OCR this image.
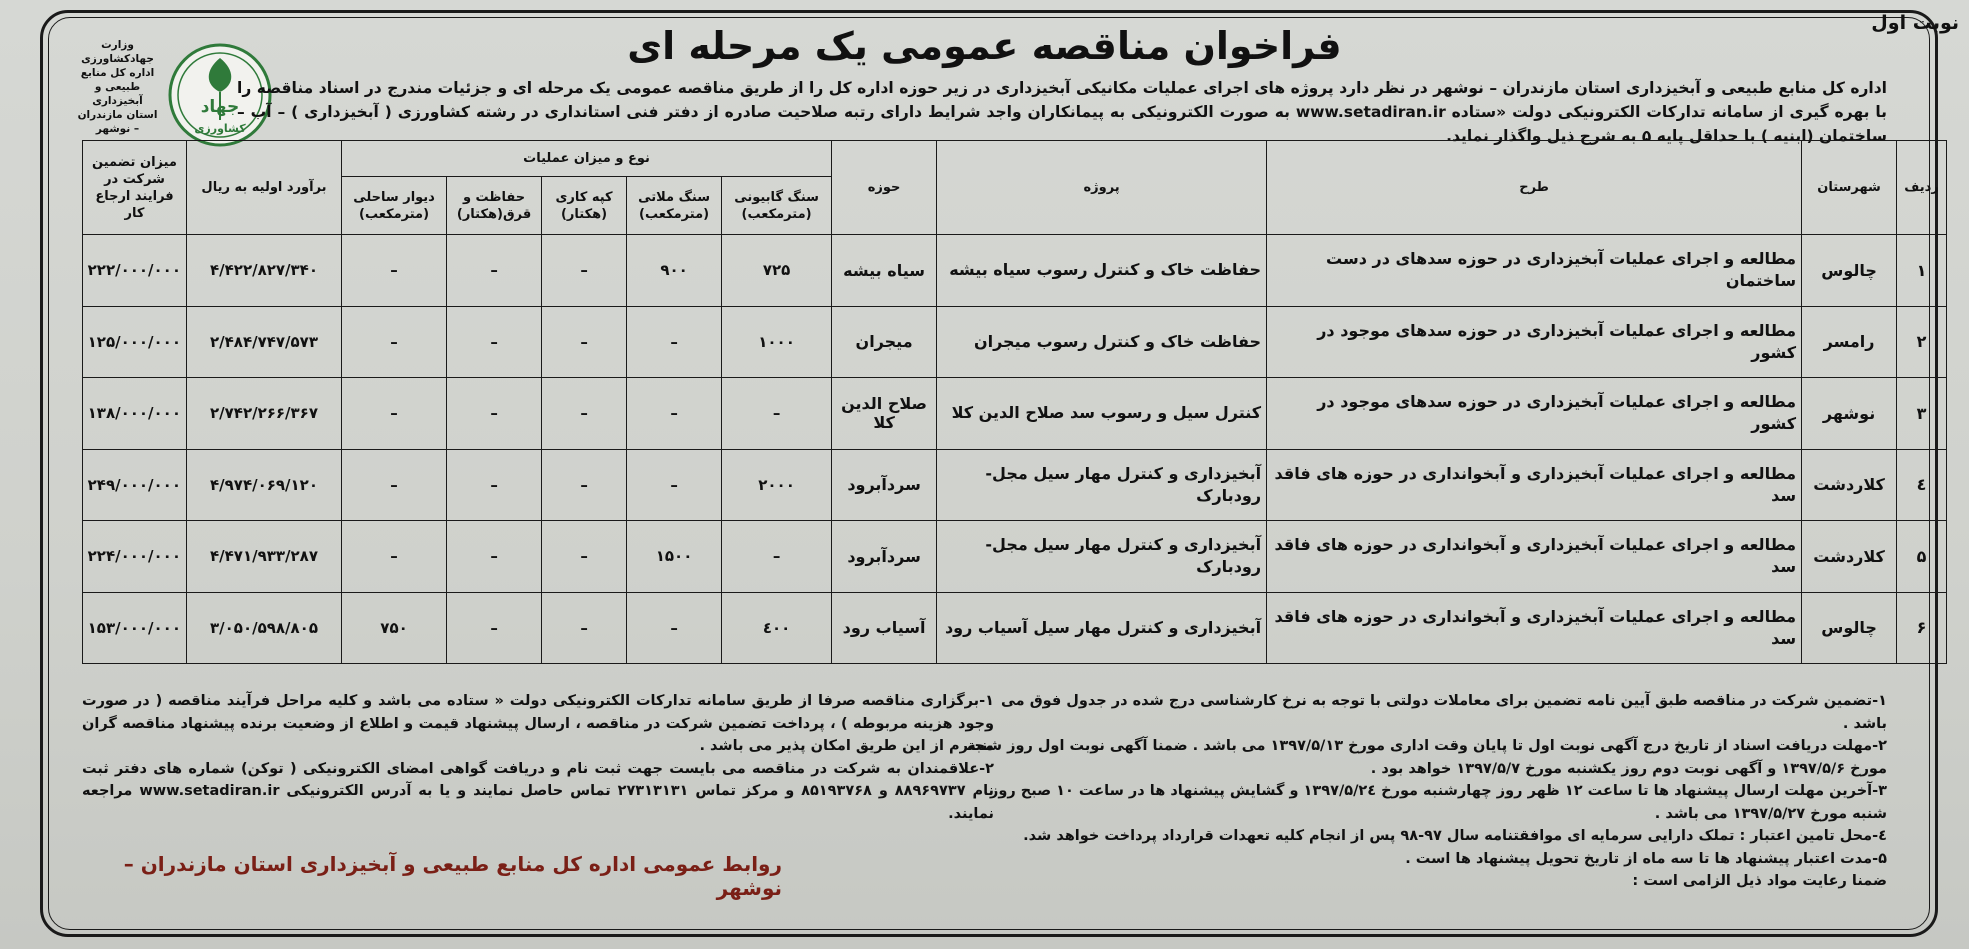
نوبت اول
فراخوان مناقصه عمومی یک مرحله ای
جهاد
کشاورزی
وزارت جهادکشاورزی اداره کل منابع طبیعی و آبخیزداری استان مازندران – نوشهر
اداره کل منابع طبیعی و آبخیزداری استان مازندران – نوشهر در نظر دارد پروژه های اجرای عملیات مکانیکی آبخیزداری در زیر حوزه اداره کل را از طریق مناقصه عمومی یک مرحله ای و جزئیات مندرج در اسناد مناقصه را با بهره گیری از سامانه تدارکات الکترونیکی دولت «ستاده www.setadiran.ir به صورت الکترونیکی به پیمانکاران واجد شرایط دارای رتبه صلاحیت صادره از دفتر فنی استانداری در رشته کشاورزی ( آبخیزداری ) – آب – ساختمان (ابنیه ) با حداقل پایه ۵ به شرح ذیل واگذار نماید.
ردیف	شهرستان	طرح	پروژه	حوزه	نوع و میزان عملیات					برآورد اولیه به ریال	میزان تضمین شرکت در فرایند ارجاع کار
					سنگ گابیونی (مترمکعب)	سنگ ملاتی (مترمکعب)	کپه کاری (هکتار)	حفاظت و قرق(هکتار)	دیوار ساحلی (مترمکعب)		
۱	چالوس	مطالعه و اجرای عملیات آبخیزداری در حوزه سدهای در دست ساختمان	حفاظت خاک و کنترل رسوب سیاه بیشه	سیاه بیشه	۷۲۵	۹۰۰	–	–	–	۴/۴۲۲/۸۲۷/۳۴۰	۲۲۲/۰۰۰/۰۰۰
۲	رامسر	مطالعه و اجرای عملیات آبخیزداری در حوزه سدهای موجود در کشور	حفاظت خاک و کنترل رسوب میجران	میجران	۱۰۰۰	–	–	–	–	۲/۴۸۴/۷۴۷/۵۷۳	۱۲۵/۰۰۰/۰۰۰
۳	نوشهر	مطالعه و اجرای عملیات آبخیزداری در حوزه سدهای موجود در کشور	کنترل سیل و رسوب سد صلاح الدین کلا	صلاح الدین کلا	–	–	–	–	–	۲/۷۴۲/۲۶۶/۳۶۷	۱۳۸/۰۰۰/۰۰۰
٤	کلاردشت	مطالعه و اجرای عملیات آبخیزداری و آبخوانداری در حوزه های فاقد سد	آبخیزداری و کنترل مهار سیل مجل- رودبارک	سردآبرود	۲۰۰۰	–	–	–	–	۴/۹۷۴/۰۶۹/۱۲۰	۲۴۹/۰۰۰/۰۰۰
۵	کلاردشت	مطالعه و اجرای عملیات آبخیزداری و آبخوانداری در حوزه های فاقد سد	آبخیزداری و کنترل مهار سیل مجل- رودبارک	سردآبرود	–	۱۵۰۰	–	–	–	۴/۴۷۱/۹۳۳/۲۸۷	۲۲۴/۰۰۰/۰۰۰
۶	چالوس	مطالعه و اجرای عملیات آبخیزداری و آبخوانداری در حوزه های فاقد سد	آبخیزداری و کنترل مهار سیل آسیاب رود	آسیاب رود	٤٠٠	–	–	–	۷۵۰	۳/۰۵۰/۵۹۸/۸۰۵	۱۵۳/۰۰۰/۰۰۰
۱-تضمین شرکت در مناقصه طبق آیین نامه تضمین برای معاملات دولتی با توجه به نرخ کارشناسی درج شده در جدول فوق می باشد .
۲-مهلت دریافت اسناد از تاریخ درج آگهی نوبت اول تا پایان وقت اداری مورخ ۱۳۹۷/۵/۱۳ می باشد . ضمنا آگهی نوبت اول روز شنبه مورخ ۱۳۹۷/۵/۶ و آگهی نوبت دوم روز یکشنبه مورخ ۱۳۹۷/۵/۷ خواهد بود .
۳-آخرین مهلت ارسال پیشنهاد ها تا ساعت ۱۲ ظهر روز چهارشنبه مورخ ۱۳۹۷/۵/۲٤ و گشایش پیشنهاد ها در ساعت ۱۰ صبح روز شنبه مورخ ۱۳۹۷/۵/۲۷ می باشد .
٤-محل تامین اعتبار : تملک دارایی سرمایه ای موافقتنامه سال ۹۷-۹۸ پس از انجام کلیه تعهدات قرارداد پرداخت خواهد شد.
۵-مدت اعتبار پیشنهاد ها تا سه ماه از تاریخ تحویل پیشنهاد ها است .
ضمنا رعایت مواد ذیل الزامی است :
۱-برگزاری مناقصه صرفا از طریق سامانه تدارکات الکترونیکی دولت « ستاده می باشد و کلیه مراحل فرآیند مناقصه ( در صورت وجود هزینه مربوطه ) ، پرداخت تضمین شرکت در مناقصه ، ارسال پیشنهاد قیمت و اطلاع از وضعیت برنده پیشنهاد مناقصه گران محترم از این طریق امکان پذیر می باشد .
۲-علاقمندان به شرکت در مناقصه می بایست جهت ثبت نام و دریافت گواهی امضای الکترونیکی ( توکن) شماره های دفتر ثبت نام ۸۸۹۶۹۷۳۷ و ۸۵۱۹۳۷۶۸ و مرکز تماس ۲۷۳۱۳۱۳۱ تماس حاصل نمایند و یا به آدرس الکترونیکی www.setadiran.ir مراجعه نمایند.
روابط عمومی اداره کل منابع طبیعی و آبخیزداری استان مازندران – نوشهر
